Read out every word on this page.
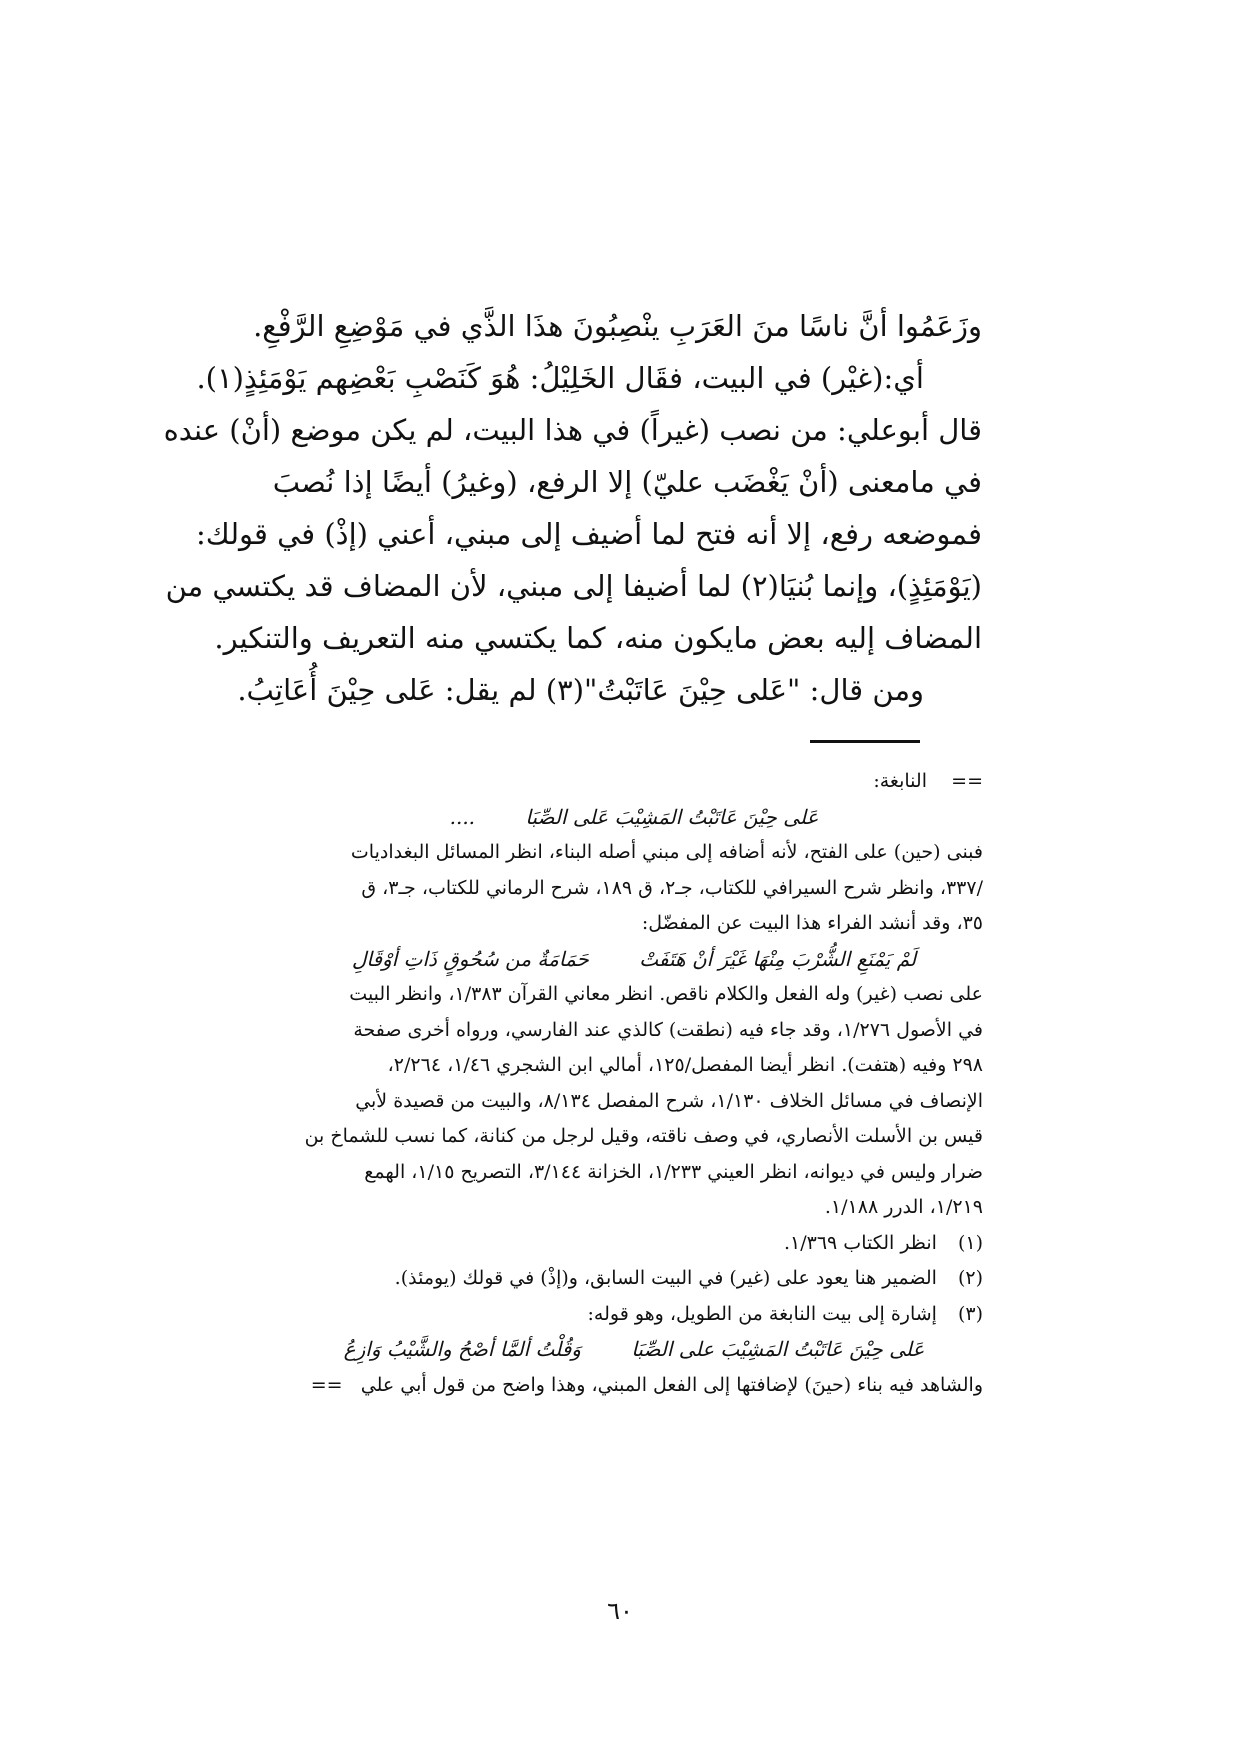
وزَعَمُوا أنَّ ناسًا منَ العَرَبِ ينْصِبُونَ هذَا الذَّي في مَوْضِعِ الرَّفْعِ.

أي:(غيْر) في البيت، فقَال الخَلِيْلُ: هُوَ كَنَصْبِ بَعْضِهم يَوْمَئِذٍ(١).

قال أبوعلي: من نصب (غيراً) في هذا البيت، لم يكن موضع (أنْ) عنده

في مامعنى (أنْ يَغْضَب عليّ) إلا الرفع، (وغيرُ) أيضًا إذا نُصبَ

فموضعه رفع، إلا أنه فتح لما أضيف إلى مبني، أعني (إذْ) في قولك:

(يَوْمَئِذٍ)، وإنما بُنيَا(٢) لما أضيفا إلى مبني، لأن المضاف قد يكتسي من

المضاف إليه بعض مايكون منه، كما يكتسي منه التعريف والتنكير.

ومن قال: "عَلى حِيْنَ عَاتَبْتُ"(٣) لم يقل: عَلى حِيْنَ أُعَاتِبُ.

==    النابغة:

عَلى حِيْنَ عَاتَبْتُ المَشِيْبَ عَلى الصِّبَا ....

فبنى (حين) على الفتح، لأنه أضافه إلى مبني أصله البناء، انظر المسائل البغداديات

/٣٣٧، وانظر شرح السيرافي للكتاب، جـ٢، ق ١٨٩، شرح الرماني للكتاب، جـ٣، ق

٣٥، وقد أنشد الفراء هذا البيت عن المفضّل:

لَمْ يَمْنَعِ الشُّرْبَ مِنْهَا غَيْرَ أنْ هَتَفَتْ حَمَامَةٌ من سُحُوقٍ ذَاتِ أوْقَالِ

على نصب (غير) وله الفعل والكلام ناقص. انظر معاني القرآن ١/٣٨٣، وانظر البيت

في الأصول ١/٢٧٦، وقد جاء فيه (نطقت) كالذي عند الفارسي، ورواه أخرى صفحة

٢٩٨ وفيه (هتفت). انظر أيضا المفصل/١٢٥، أمالي ابن الشجري ١/٤٦، ٢/٢٦٤،

الإنصاف في مسائل الخلاف ١/١٣٠، شرح المفصل ٨/١٣٤، والبيت من قصيدة لأبي

قيس بن الأسلت الأنصاري، في وصف ناقته، وقيل لرجل من كنانة، كما نسب للشماخ بن

ضرار وليس في ديوانه، انظر العيني ١/٢٣٣، الخزانة ٣/١٤٤، التصريح ١/١٥، الهمع

١/٢١٩، الدرر ١/١٨٨.

(١) انظر الكتاب ١/٣٦٩.

(٢) الضمير هنا يعود على (غير) في البيت السابق، و(إذْ) في قولك (يومئذ).

(٣) إشارة إلى بيت النابغة من الطويل، وهو قوله:

عَلى حِيْنَ عَاتَبْتُ المَشِيْبَ على الصِّبَا وَقُلْتُ ألمَّا أصْحُ والشَّيْبُ وَازِعُ

والشاهد فيه بناء (حينَ) لإضافتها إلى الفعل المبني، وهذا واضح من قول أبي علي   ==

٦٠
